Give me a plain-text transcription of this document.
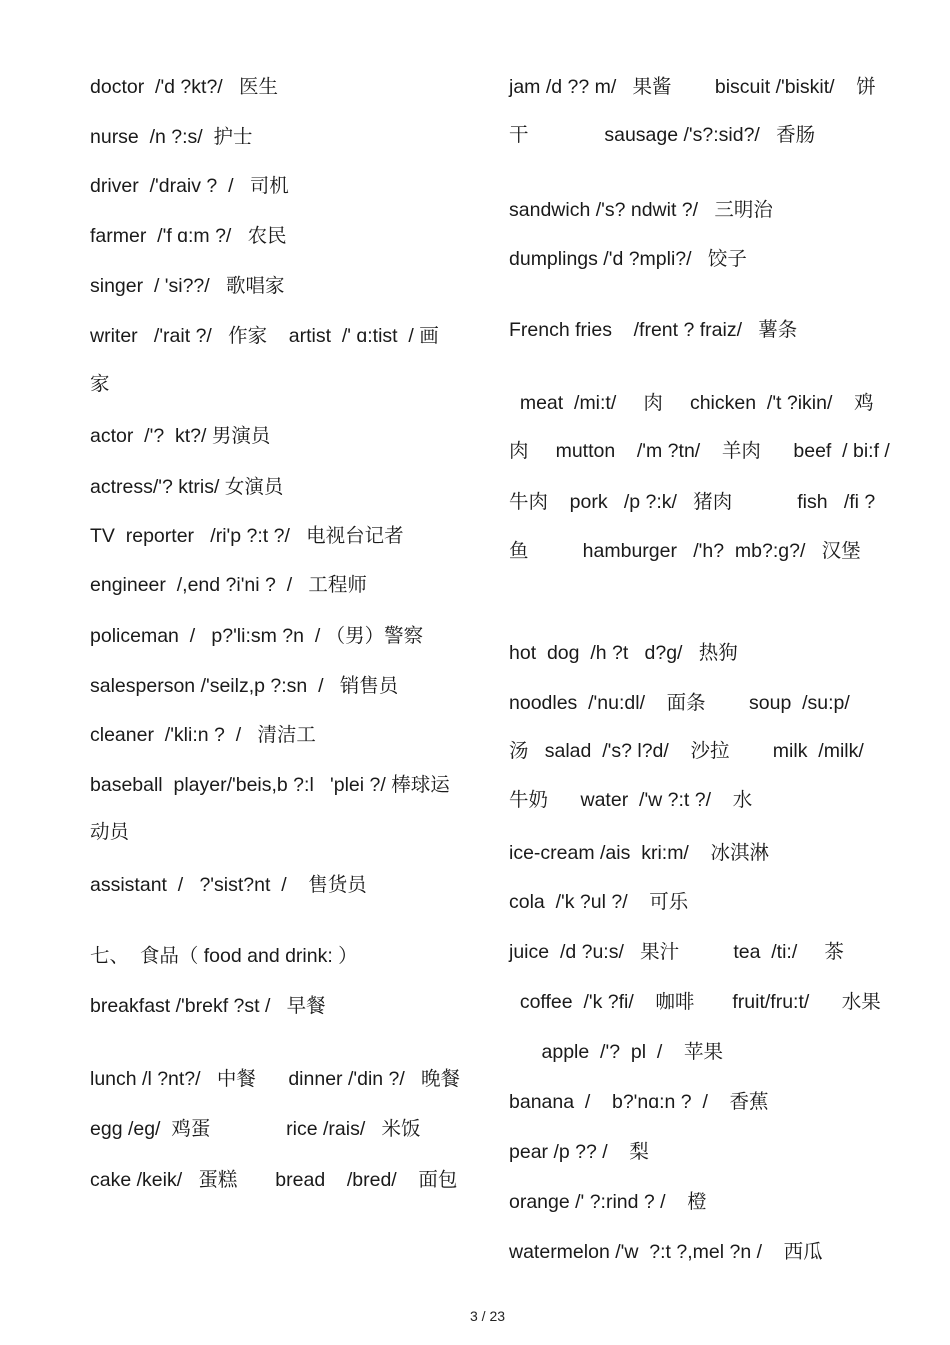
doctor  /'d ?kt?/   医生
nurse  /n ?:s/  护士
driver  /'draiv ?  /   司机
farmer  /'f ɑ:m ?/   农民
singer  / 'si??/   歌唱家
writer   /'rait ?/   作家    artist  /' ɑ:tist  / 画
家
actor  /'?  kt?/ 男演员
actress/'? ktris/ 女演员
TV  reporter   /ri'p ?:t ?/   电视台记者
engineer  /,end ?i'ni ?  /   工程师
policeman  /   p?'li:sm ?n  / （男）警察
salesperson /'seilz,p ?:sn  /   销售员
cleaner  /'kli:n ?  /   清洁工
baseball  player/'beis,b ?:l   'plei ?/ 棒球运
动员
assistant  /   ?'sist?nt  /    售货员
七、  食品（ food and drink: ）
breakfast /'brekf ?st /   早餐
lunch /l ?nt?/   中餐      dinner /'din ?/   晚餐
egg /eg/  鸡蛋              rice /rais/   米饭
cake /keik/   蛋糕       bread    /bred/    面包
jam /d ?? m/   果酱        biscuit /'biskit/    饼
干              sausage /'s?:sid?/   香肠
sandwich /'s? ndwit ?/   三明治
dumplings /'d ?mpli?/   饺子
French fries    /frent ? fraiz/   薯条
meat  /mi:t/     肉     chicken  /'t ?ikin/    鸡
肉     mutton    /'m ?tn/    羊肉      beef  / bi:f /
牛肉    pork   /p ?:k/   猪肉            fish   /fi ?
鱼          hamburger   /'h?  mb?:g?/   汉堡
hot  dog  /h ?t   d?g/   热狗
noodles  /'nu:dl/    面条        soup  /su:p/
汤   salad  /'s? l?d/    沙拉        milk  /milk/
牛奶      water  /'w ?:t ?/    水
ice-cream /ais  kri:m/    冰淇淋
cola  /'k ?ul ?/    可乐
juice  /d ?u:s/   果汁          tea  /ti:/     茶
coffee  /'k ?fi/    咖啡       fruit/fru:t/      水果
apple  /'?  pl  /    苹果
banana  /    b?'nɑ:n ?  /    香蕉
pear /p ?? /    梨
orange /' ?:rind ? /    橙
watermelon /'w  ?:t ?,mel ?n /    西瓜
3 / 23
